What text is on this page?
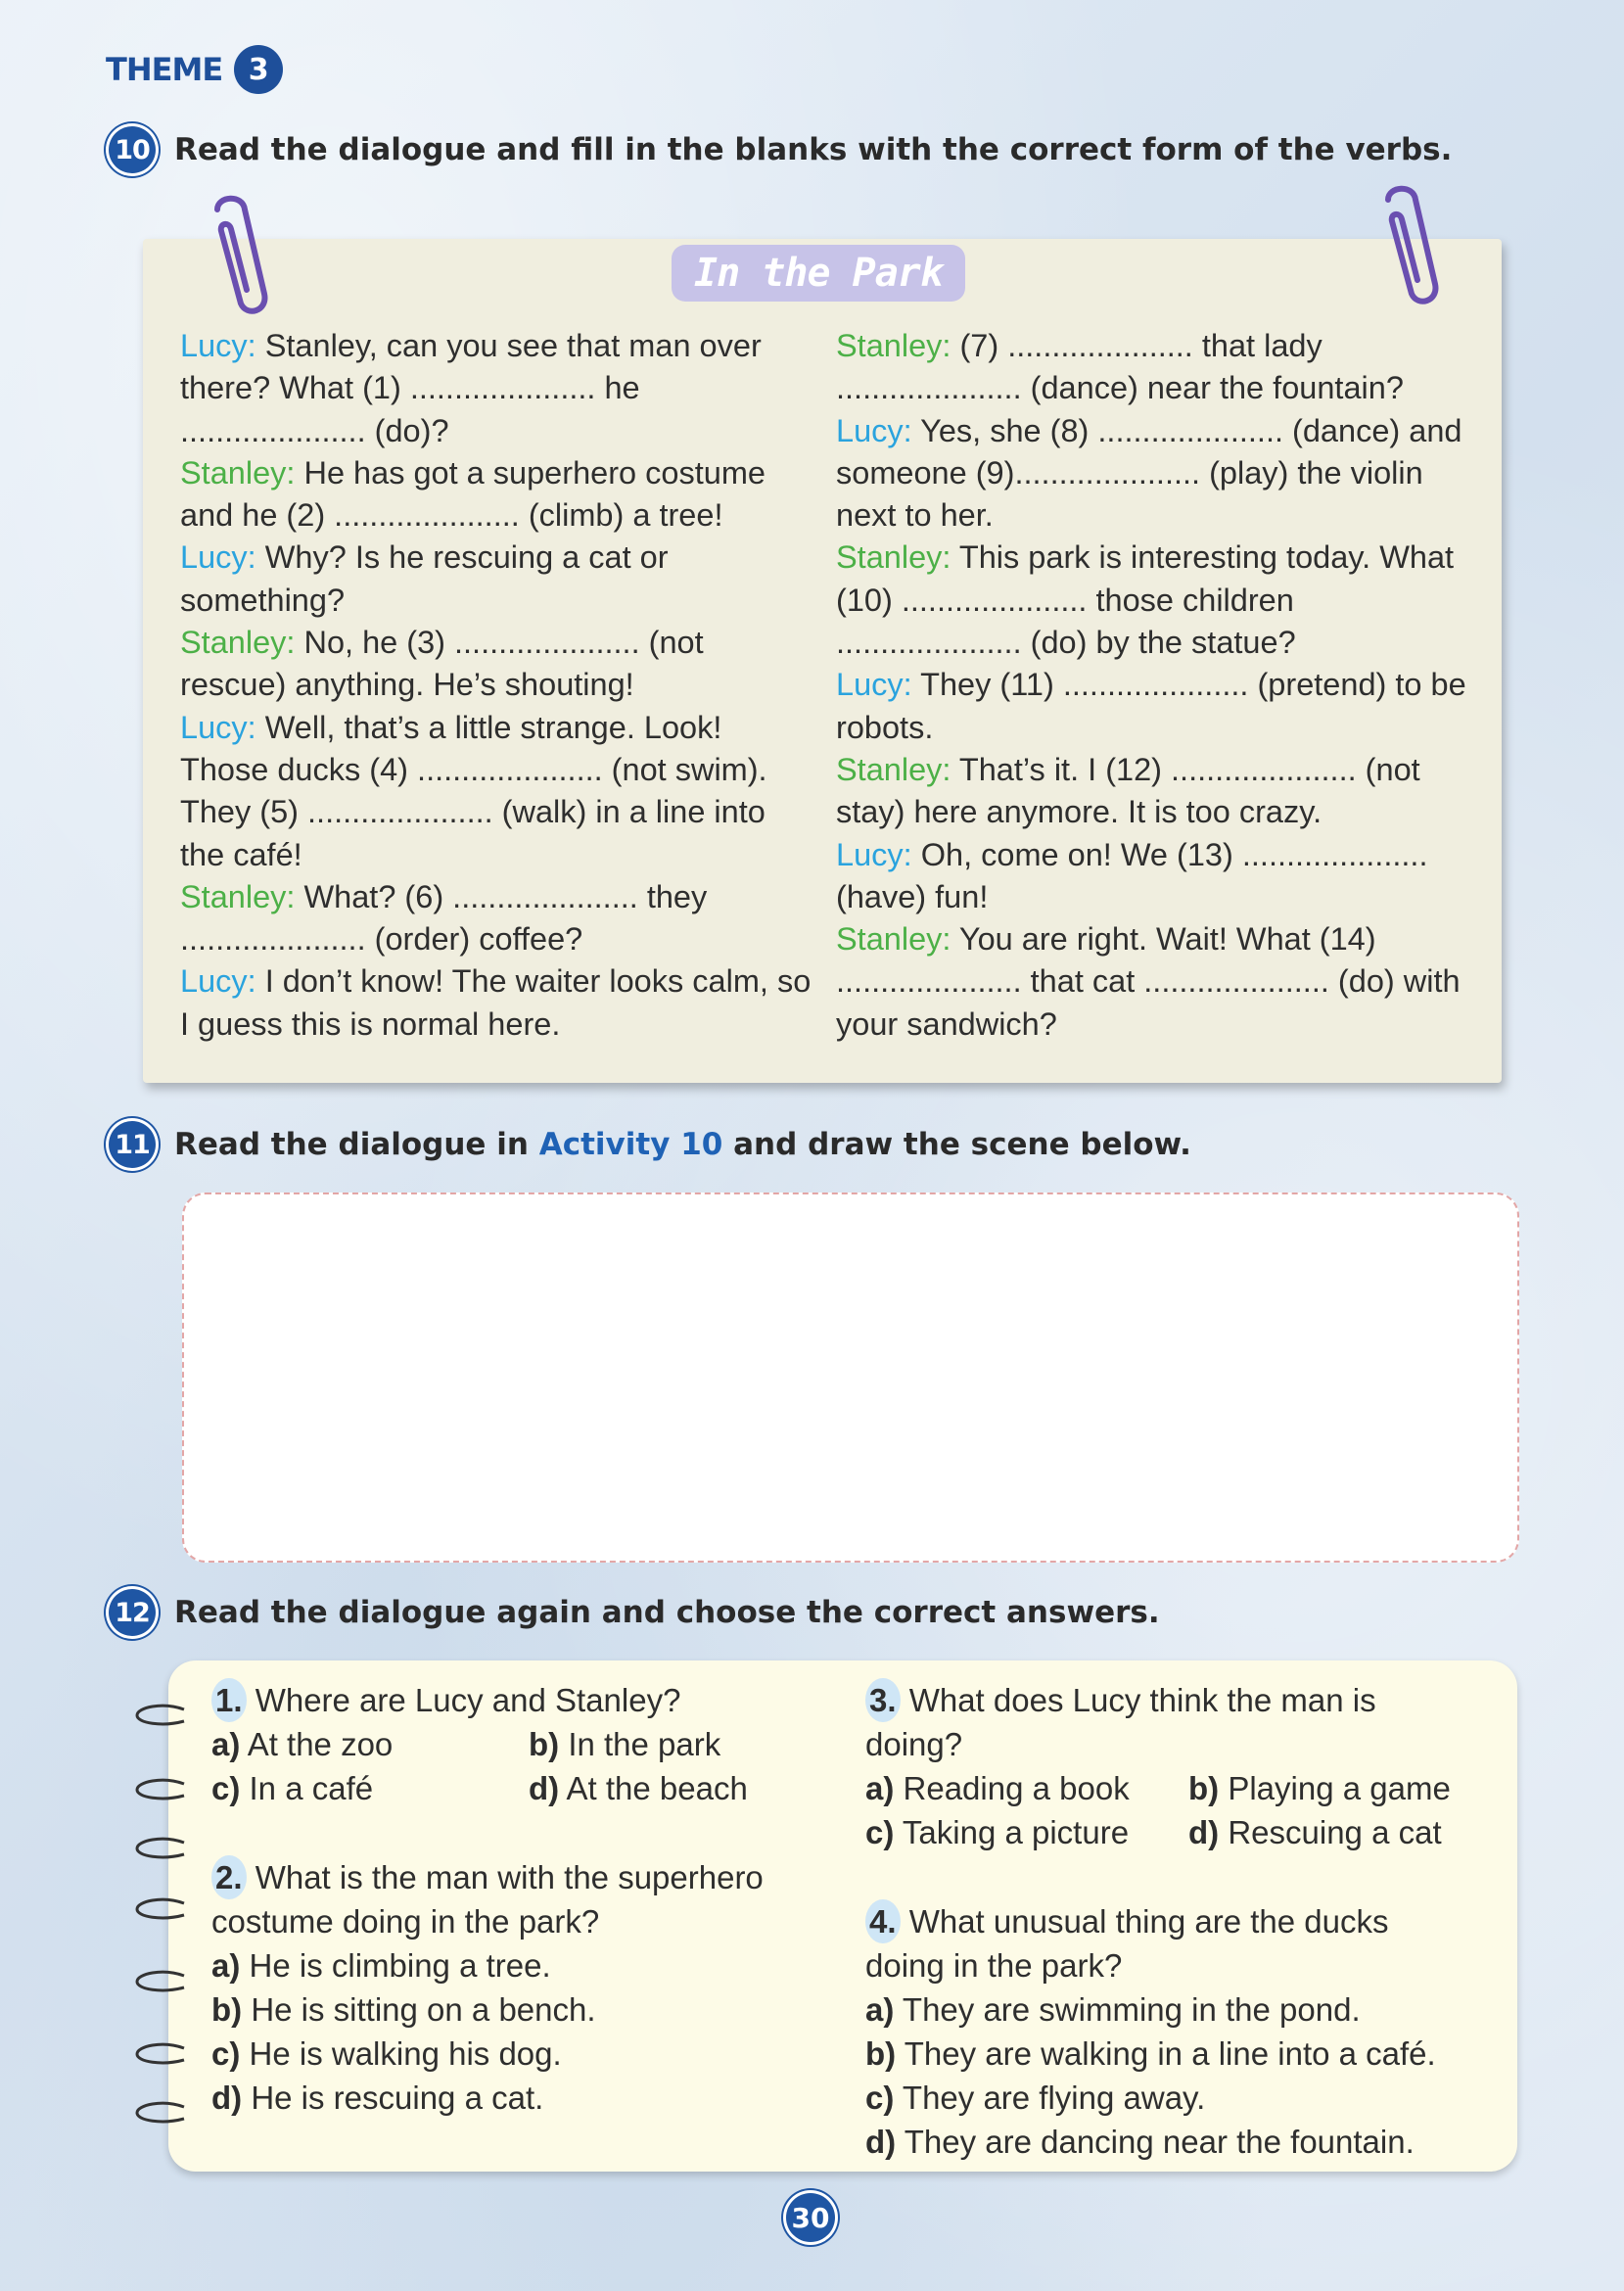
THEME 3
10 Read the dialogue and fill in the blanks with the correct form of the verbs.
In the Park

Lucy: Stanley, can you see that man over there? What (1) ..................... he ..................... (do)?

Stanley: He has got a superhero costume and he (2) ..................... (climb) a tree!

Lucy: Why? Is he rescuing a cat or something?

Stanley: No, he (3) ..................... (not rescue) anything. He’s shouting!

Lucy: Well, that’s a little strange. Look! Those ducks (4) ..................... (not swim). They (5) ..................... (walk) in a line into the café!

Stanley: What? (6) ..................... they ..................... (order) coffee?

Lucy: I don’t know! The waiter looks calm, so I guess this is normal here.

Stanley: (7) ..................... that lady ..................... (dance) near the fountain?

Lucy: Yes, she (8) ..................... (dance) and someone (9)..................... (play) the violin next to her.

Stanley: This park is interesting today. What (10) ..................... those children ..................... (do) by the statue?

Lucy: They (11) ..................... (pretend) to be robots.

Stanley: That’s it. I (12) ..................... (not stay) here anymore. It is too crazy.

Lucy: Oh, come on! We (13) ..................... (have) fun!

Stanley: You are right. Wait! What (14) ..................... that cat ..................... (do) with your sandwich?

11 Read the dialogue in Activity 10 and draw the scene below.
12 Read the dialogue again and choose the correct answers.

1. Where are Lucy and Stanley?

a) At the zoo	b) In the park

c) In a café	d) At the beach

2. What is the man with the superhero

costume doing in the park?

a) He is climbing a tree.

b) He is sitting on a bench.

c) He is walking his dog.

d) He is rescuing a cat.

3. What does Lucy think the man is

doing?

a) Reading a book	b) Playing a game

c) Taking a picture	d) Rescuing a cat

4. What unusual thing are the ducks

doing in the park?

a) They are swimming in the pond.

b) They are walking in a line into a café.

c) They are flying away.

d) They are dancing near the fountain.

30
